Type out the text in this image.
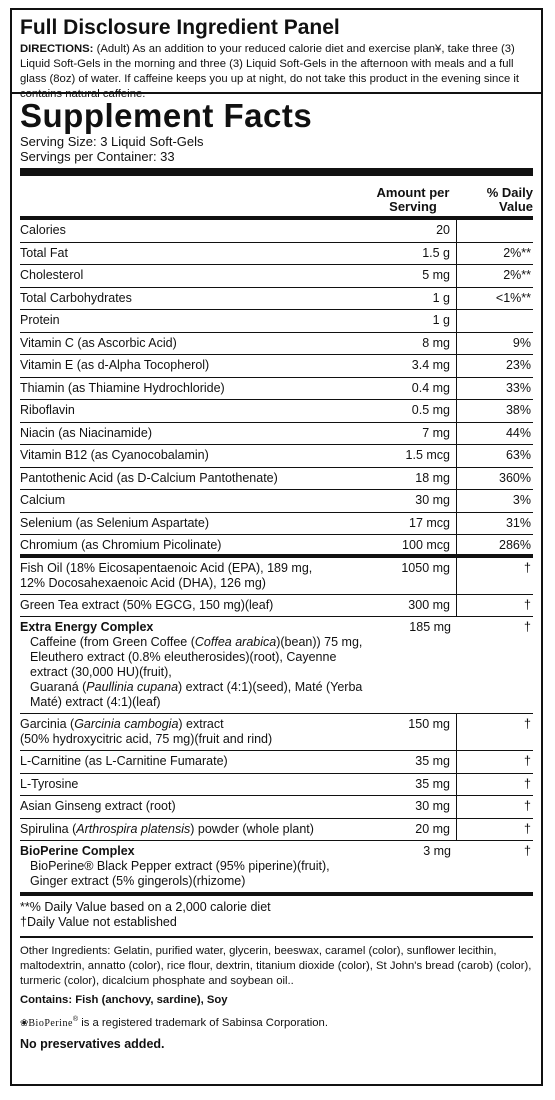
Full Disclosure Ingredient Panel
DIRECTIONS: (Adult) As an addition to your reduced calorie diet and exercise plan¥, take three (3) Liquid Soft-Gels in the morning and three (3) Liquid Soft-Gels in the afternoon with meals and a full glass (8oz) of water. If caffeine keeps you up at night, do not take this product in the evening since it contains natural caffeine.
Supplement Facts
Serving Size: 3 Liquid Soft-Gels
Servings per Container: 33
Amount per
Serving
% Daily
Value
Calories	20
Total Fat	1.5 g	2%**
Cholesterol	5 mg	2%**
Total Carbohydrates	1 g	<1%**
Protein	1 g
Vitamin C (as Ascorbic Acid)	8 mg	9%
Vitamin E (as d-Alpha Tocopherol)	3.4 mg	23%
Thiamin (as Thiamine Hydrochloride)	0.4 mg	33%
Riboflavin	0.5 mg	38%
Niacin (as Niacinamide)	7 mg	44%
Vitamin B12 (as Cyanocobalamin)	1.5 mcg	63%
Pantothenic Acid (as D-Calcium Pantothenate)	18 mg	360%
Calcium	30 mg	3%
Selenium (as Selenium Aspartate)	17 mcg	31%
Chromium (as Chromium Picolinate)	100 mcg	286%
Fish Oil (18% Eicosapentaenoic Acid (EPA), 189 mg,
12% Docosahexaenoic Acid (DHA), 126 mg)
1050 mg	†
Green Tea extract (50% EGCG, 150 mg)(leaf)	300 mg	†
Extra Energy Complex

Caffeine (from Green Coffee (Coffea arabica)(bean)) 75 mg,
Eleuthero extract (0.8% eleutherosides)(root), Cayenne extract (30,000 HU)(fruit),
Guaraná (Paullinia cupana) extract (4:1)(seed), Maté (Yerba Maté) extract (4:1)(leaf)
185 mg	†
Garcinia (Garcinia cambogia) extract
(50% hydroxycitric acid, 75 mg)(fruit and rind)
150 mg	†
L-Carnitine (as L-Carnitine Fumarate)	35 mg	†
L-Tyrosine	35 mg	†
Asian Ginseng extract (root)	30 mg	†
Spirulina (Arthrospira platensis) powder (whole plant)	20 mg	†
BioPerine Complex

BioPerine® Black Pepper extract (95% piperine)(fruit),
Ginger extract (5% gingerols)(rhizome)
3 mg	†
**% Daily Value based on a 2,000 calorie diet
†Daily Value not established
Other Ingredients: Gelatin, purified water, glycerin, beeswax, caramel (color), sunflower lecithin, maltodextrin, annatto (color), rice flour, dextrin, titanium dioxide (color), St John's bread (carob) (color), turmeric (color), dicalcium phosphate and soybean oil..
Contains: Fish (anchovy, sardine), Soy
❀BioPerine® is a registered trademark of Sabinsa Corporation.
No preservatives added.
